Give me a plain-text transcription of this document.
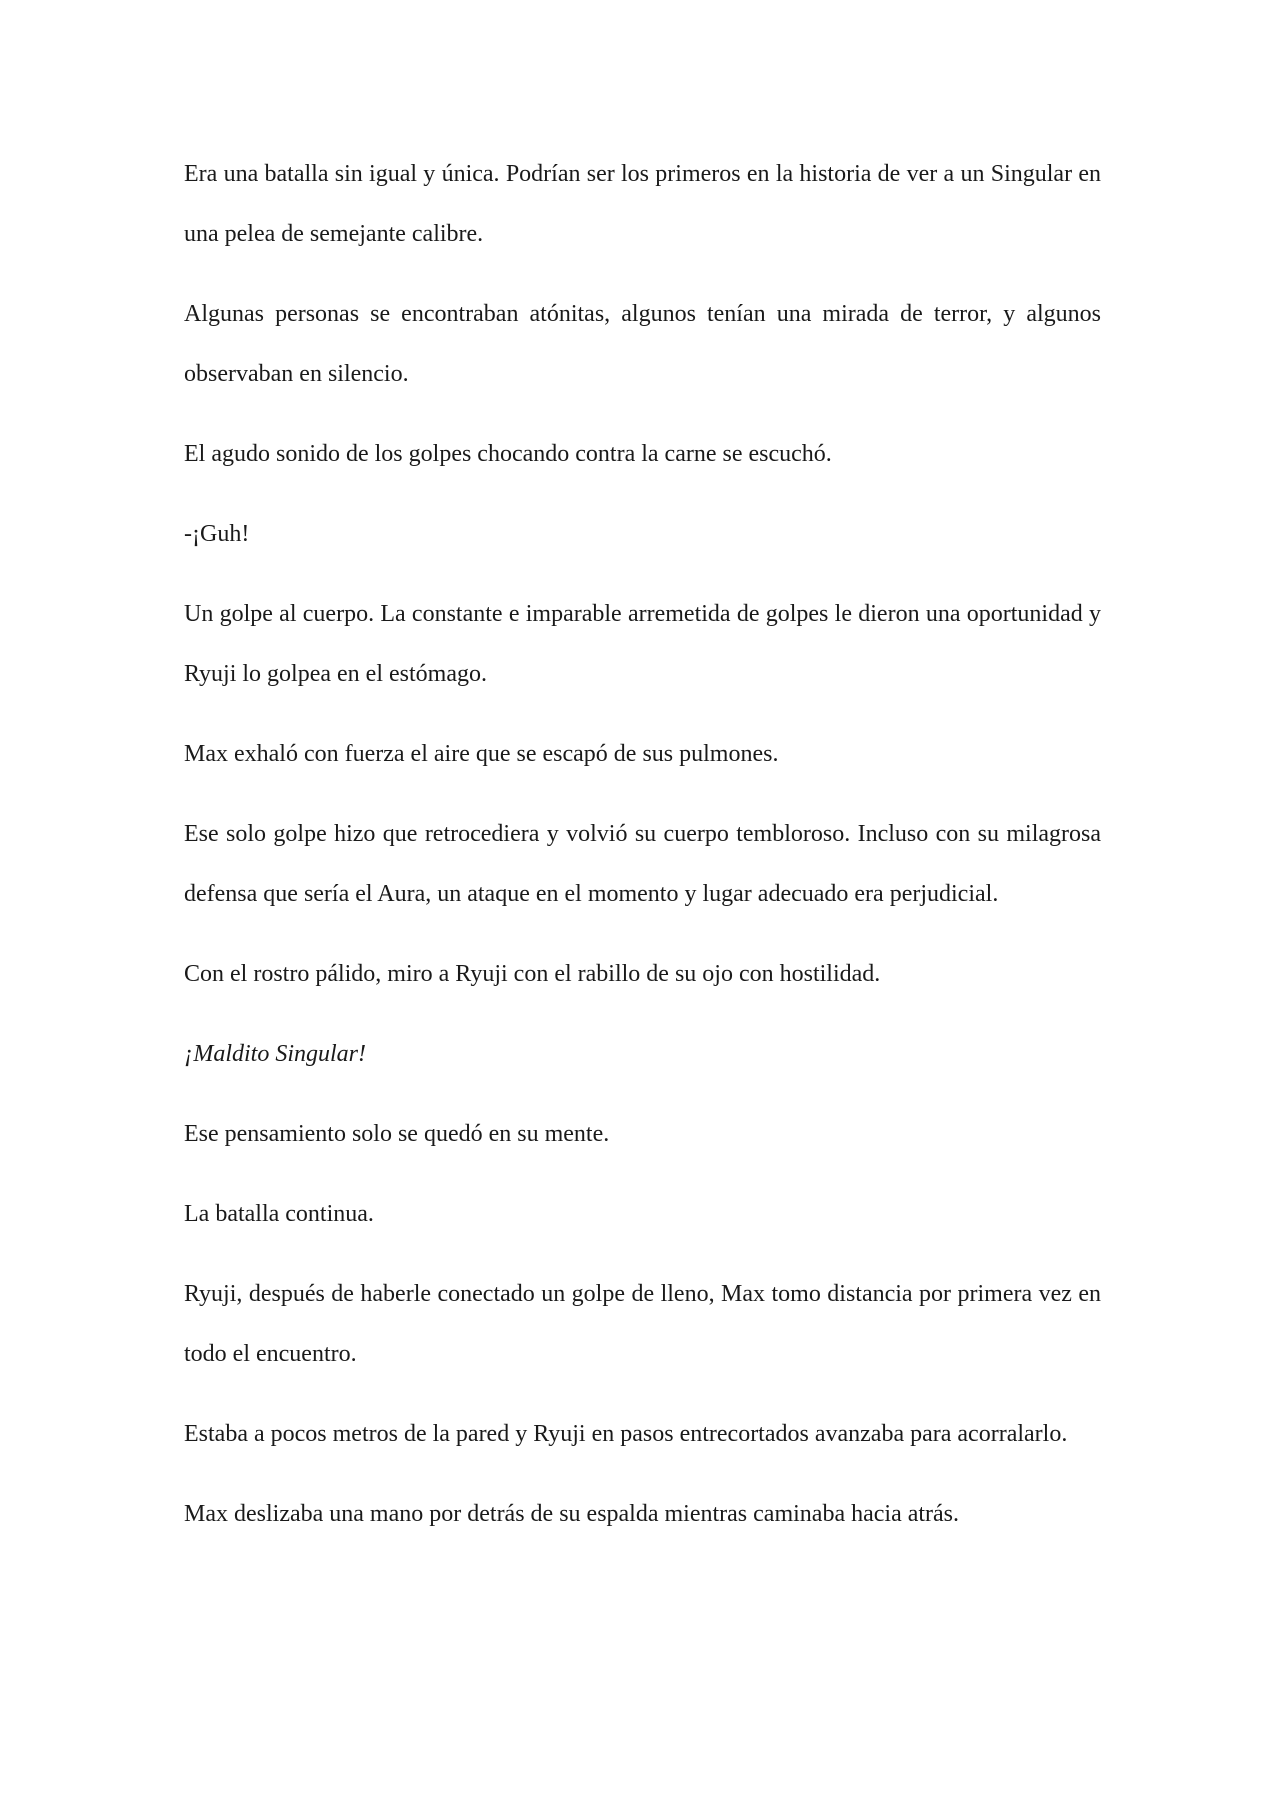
Era una batalla sin igual y única. Podrían ser los primeros en la historia de ver a un Singular en una pelea de semejante calibre.

Algunas personas se encontraban atónitas, algunos tenían una mirada de terror, y algunos observaban en silencio.

El agudo sonido de los golpes chocando contra la carne se escuchó.

-¡Guh!

Un golpe al cuerpo. La constante e imparable arremetida de golpes le dieron una oportunidad y Ryuji lo golpea en el estómago.

Max exhaló con fuerza el aire que se escapó de sus pulmones.

Ese solo golpe hizo que retrocediera y volvió su cuerpo tembloroso. Incluso con su milagrosa defensa que sería el Aura, un ataque en el momento y lugar adecuado era perjudicial.

Con el rostro pálido, miro a Ryuji con el rabillo de su ojo con hostilidad.

¡Maldito Singular!

Ese pensamiento solo se quedó en su mente.

La batalla continua.

Ryuji, después de haberle conectado un golpe de lleno, Max tomo distancia por primera vez en todo el encuentro.

Estaba a pocos metros de la pared y Ryuji en pasos entrecortados avanzaba para acorralarlo.

Max deslizaba una mano por detrás de su espalda mientras caminaba hacia atrás.
